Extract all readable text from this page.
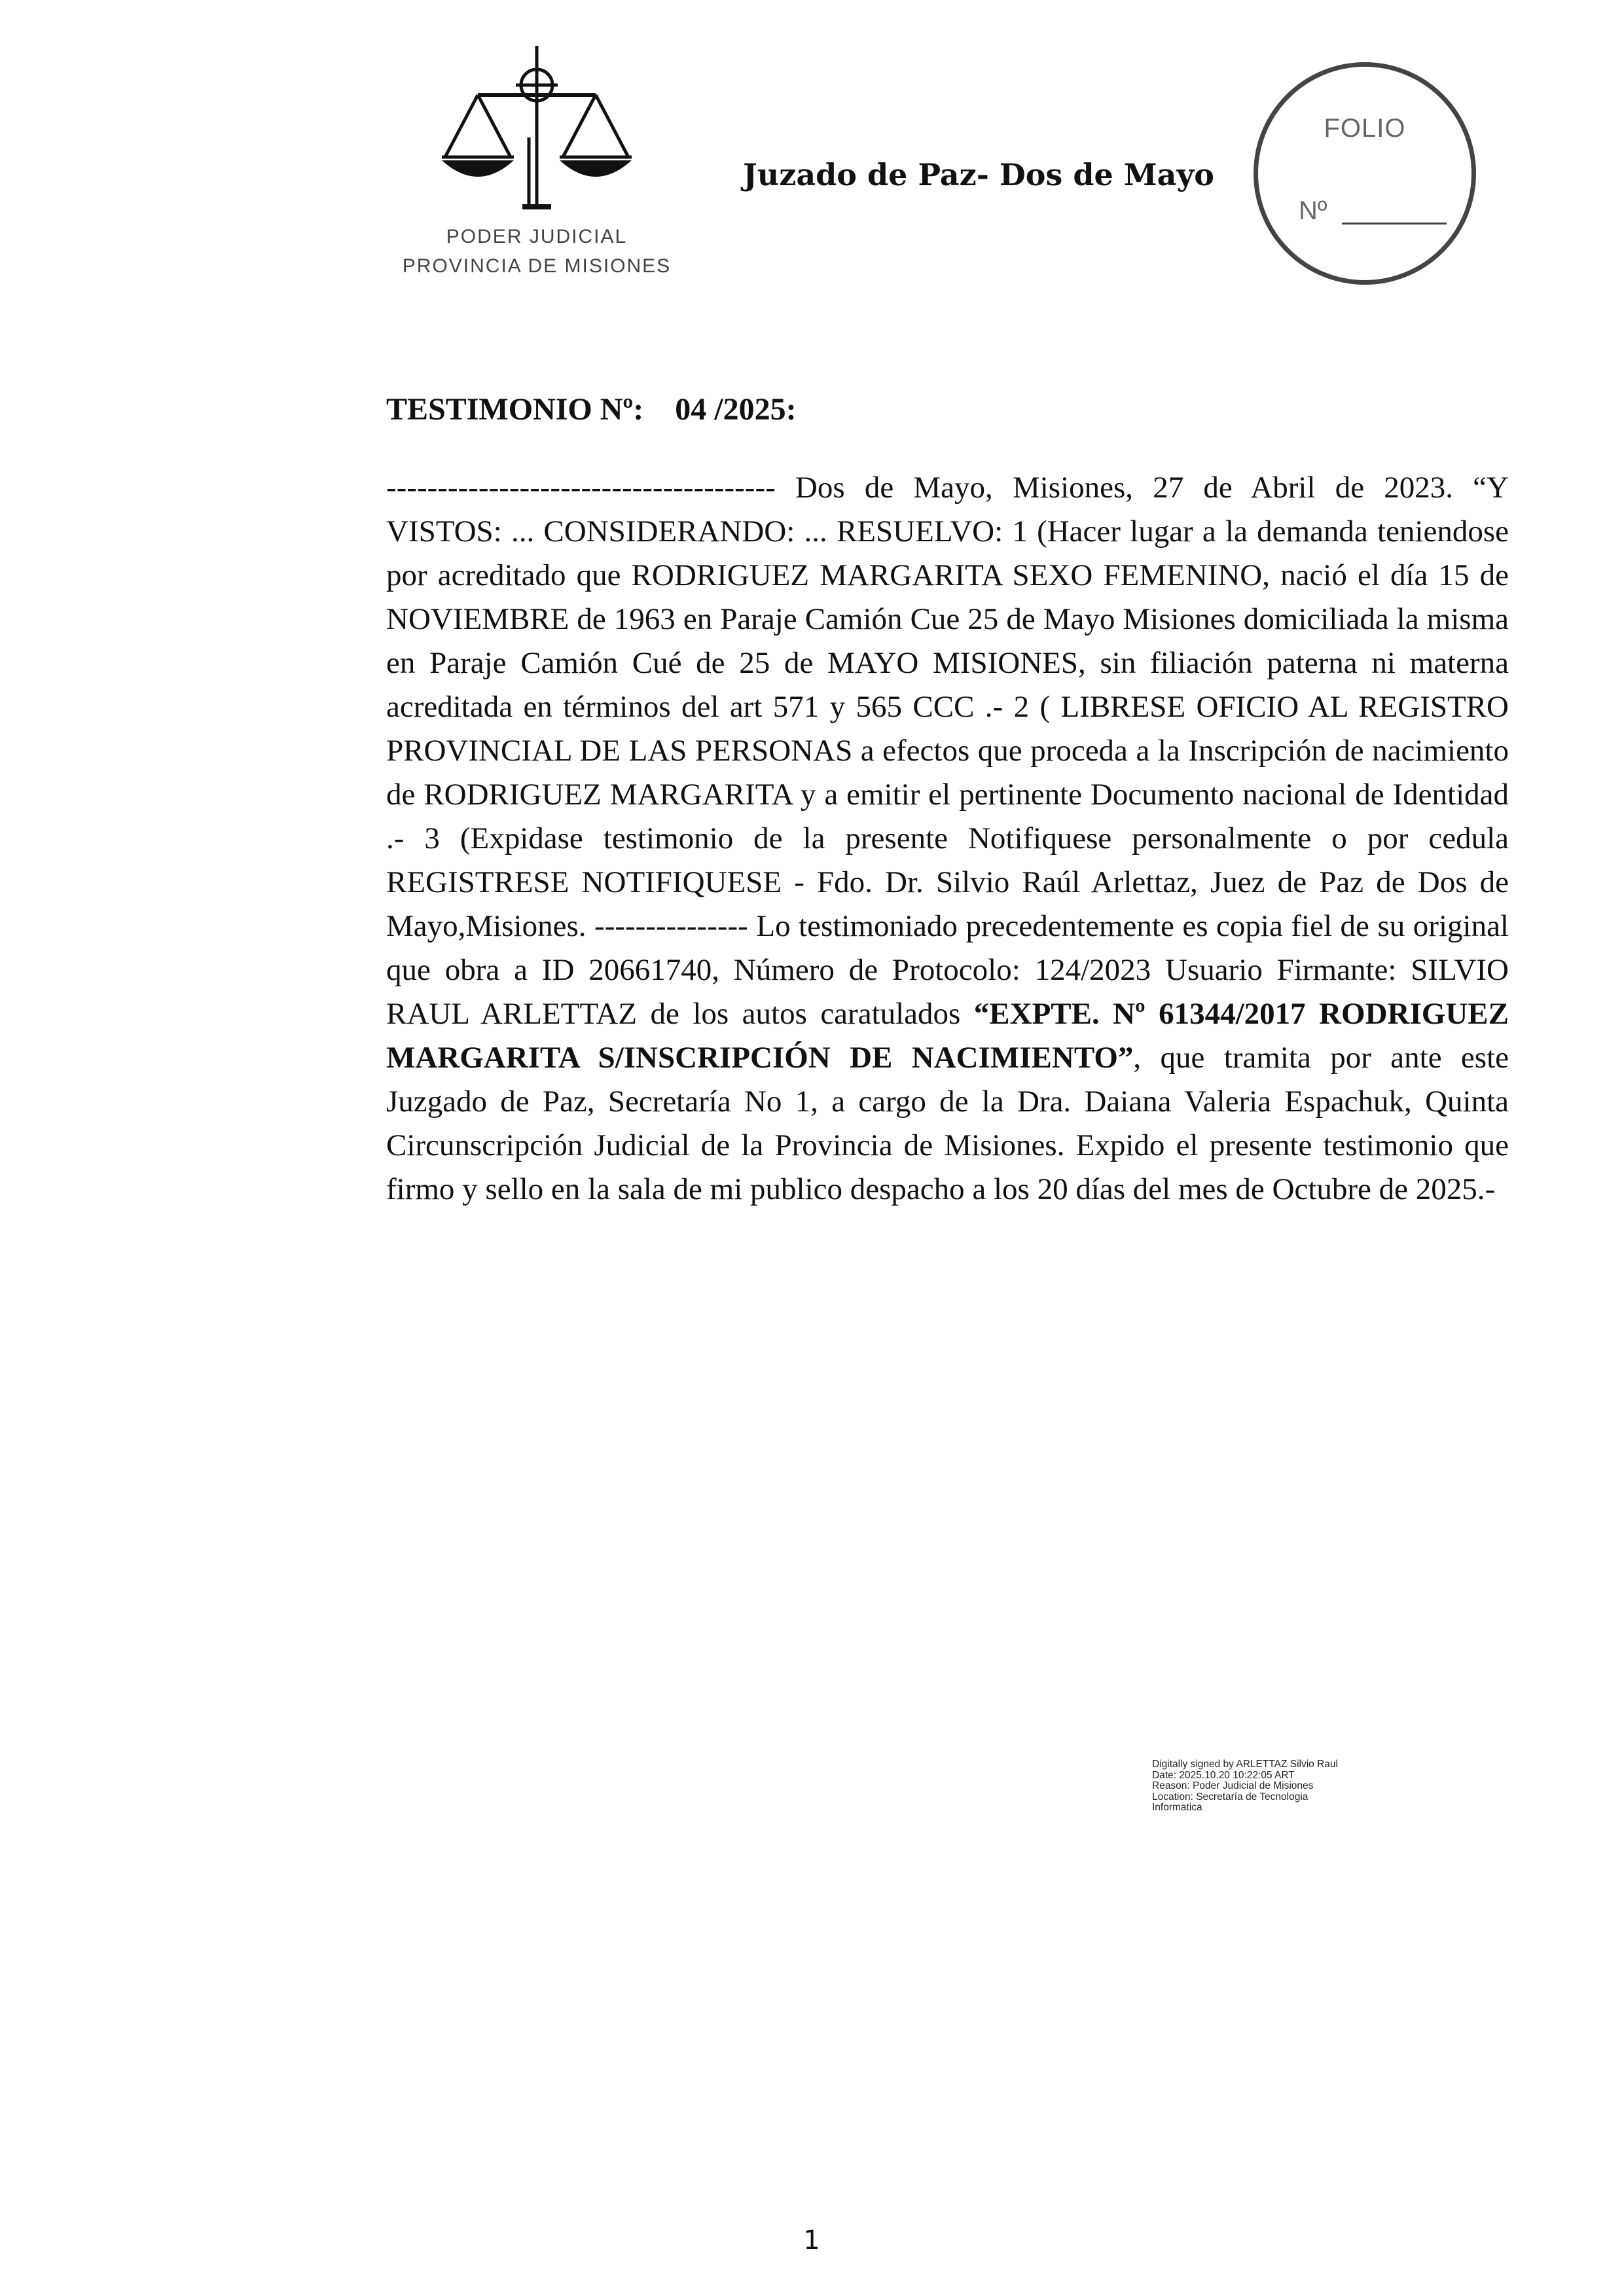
PODER JUDICIAL
PROVINCIA DE MISIONES
Juzado de Paz- Dos de Mayo
FOLIO
Nº
TESTIMONIO Nº: 04 /2025:

-------------------------------------- Dos de Mayo, Misiones, 27 de Abril de 2023. “Y VISTOS: ... CONSIDERANDO: ... RESUELVO: 1 (Hacer lugar a la demanda teniendose por acreditado que RODRIGUEZ MARGARITA SEXO FEMENINO, nació el día 15 de NOVIEMBRE de 1963 en Paraje Camión Cue 25 de Mayo Misiones domiciliada la misma en Paraje Camión Cué de 25 de MAYO MISIONES, sin filiación paterna ni materna acreditada en términos del art 571 y 565 CCC .- 2 ( LIBRESE OFICIO AL REGISTRO PROVINCIAL DE LAS PERSONAS a efectos que proceda a la Inscripción de nacimiento de RODRIGUEZ MARGARITA y a emitir el pertinente Documento nacional de Identidad .- 3 (Expidase testimonio de la presente Notifiquese personalmente o por cedula REGISTRESE NOTIFIQUESE - Fdo. Dr. Silvio Raúl Arlettaz, Juez de Paz de Dos de Mayo,Misiones. --------------- Lo testimoniado precedentemente es copia fiel de su original que obra a ID 20661740, Número de Protocolo: 124/2023 Usuario Firmante: SILVIO RAUL ARLETTAZ de los autos caratulados “EXPTE. Nº 61344/2017 RODRIGUEZ MARGARITA S/INSCRIPCIÓN DE NACIMIENTO”, que tramita por ante este Juzgado de Paz, Secretaría No 1, a cargo de la Dra. Daiana Valeria Espachuk, Quinta Circunscripción Judicial de la Provincia de Misiones. Expido el presente testimonio que firmo y sello en la sala de mi publico despacho a los 20 días del mes de Octubre de 2025.-

Digitally signed by ARLETTAZ Silvio Raul
Date: 2025.10.20 10:22:05 ART
Reason: Poder Judicial de Misiones
Location: Secretaría de Tecnologia
Informatica
1
